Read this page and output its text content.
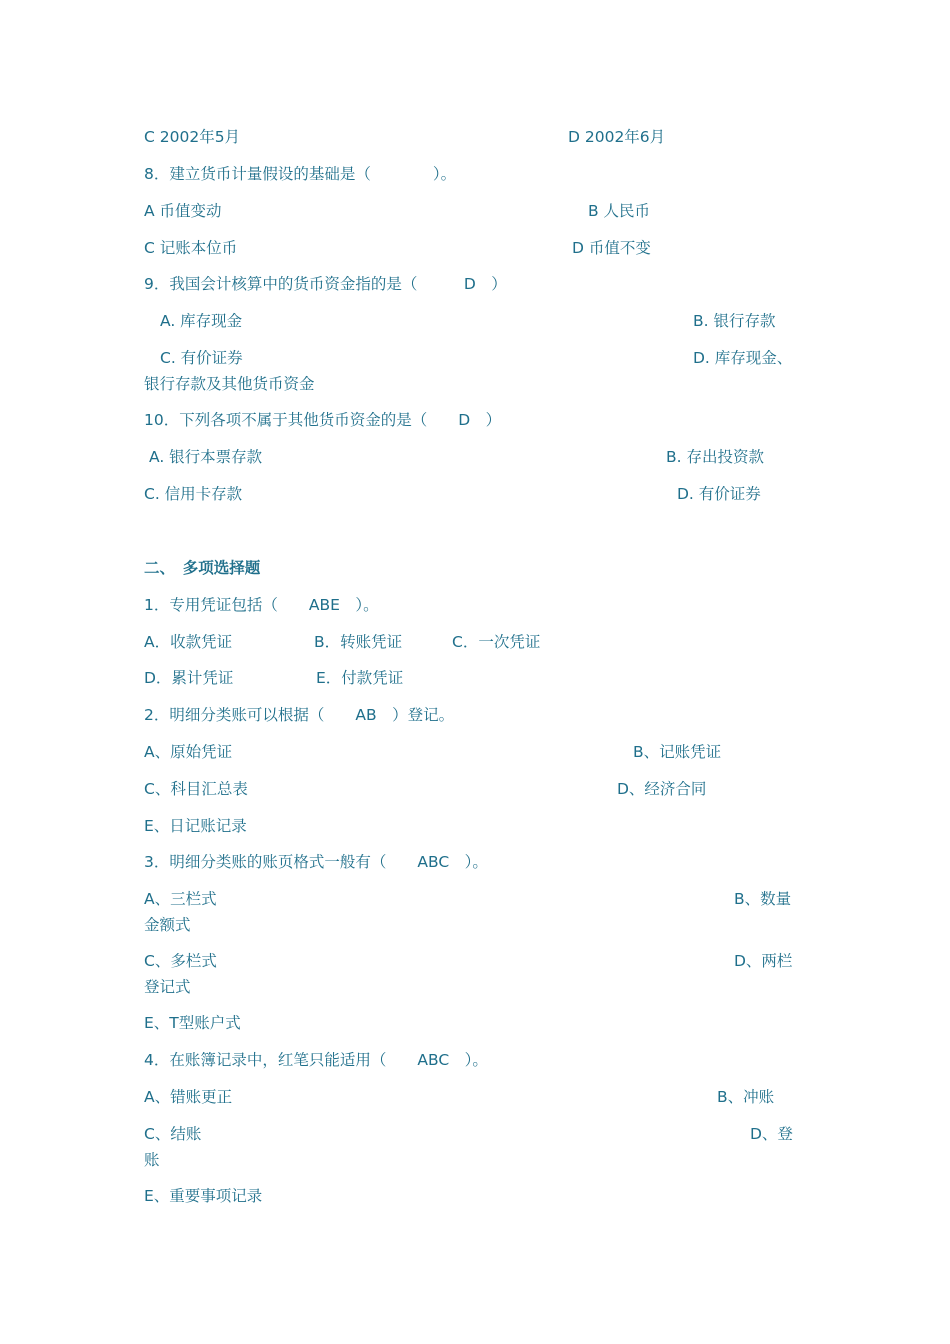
C 2002年5月	D 2002年6月
8．建立货币计量假设的基础是（　　　　）。
A 币值变动	B 人民币
C 记账本位币	D 币值不变
9．我国会计核算中的货币资金指的是（　　　D　）
A. 库存现金	B. 银行存款
C. 有价证券	D. 库存现金、
银行存款及其他货币资金
10．下列各项不属于其他货币资金的是（　　D　）
A. 银行本票存款	B. 存出投资款
C. 信用卡存款	D. 有价证券
二、　多项选择题
1．专用凭证包括（　　ABE　）。
A．收款凭证	B．转账凭证	C．一次凭证
D．累计凭证	E．付款凭证
2．明细分类账可以根据（　　AB　）登记。
A、原始凭证	B、记账凭证
C、科目汇总表	D、经济合同
E、日记账记录
3．明细分类账的账页格式一般有（　　ABC　）。
A、三栏式	B、数量
金额式
C、多栏式	D、两栏
登记式
E、T型账户式
4．在账簿记录中，红笔只能适用（　　ABC　）。
A、错账更正	B、冲账
C、结账	D、登
账
E、重要事项记录
